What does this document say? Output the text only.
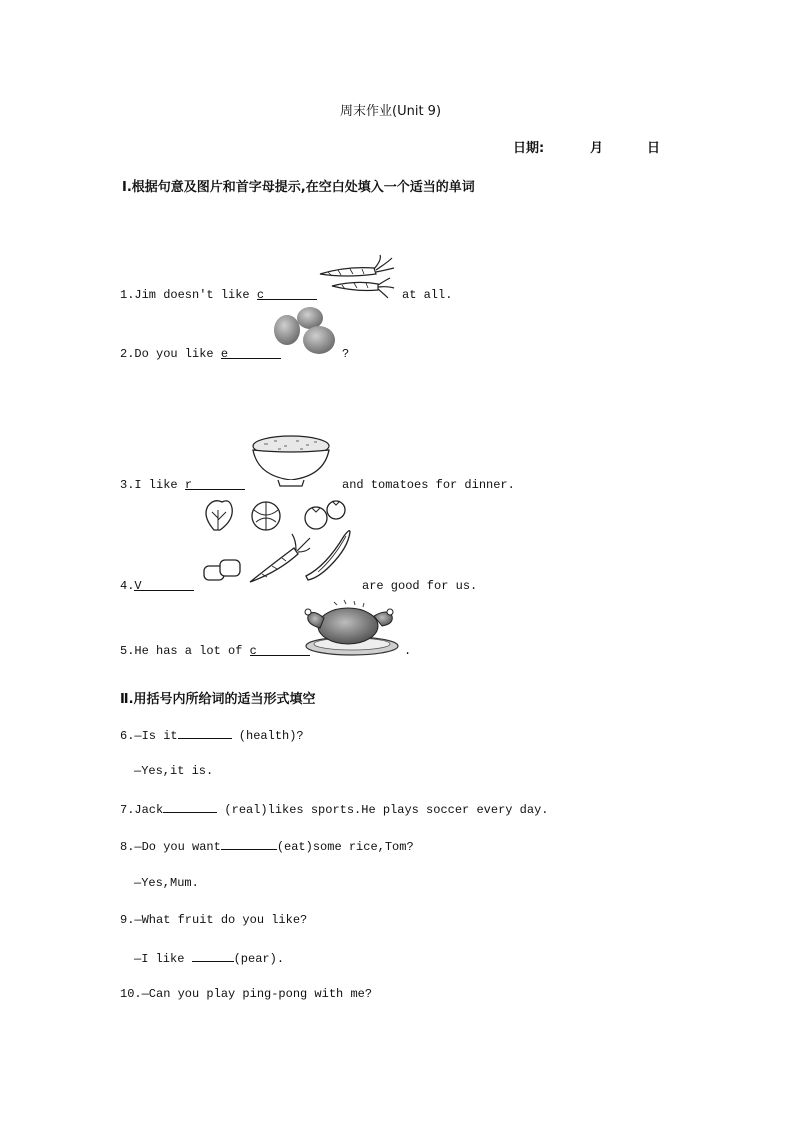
周末作业(Unit 9)
日期:	月	日
Ⅰ.根据句意及图片和首字母提示,在空白处填入一个适当的单词
1.Jim doesn't like c	at all.
2.Do you like e	?
3.I like r	and tomatoes for dinner.
4.V	are good for us.
5.He has a lot of c	.
Ⅱ.用括号内所给词的适当形式填空
6.—Is it	(health)?
—Yes,it is.
7.Jack	(real)likes sports.He plays soccer every day.
8.—Do you want	(eat)some rice,Tom?
—Yes,Mum.
9.—What fruit do you like?
—I like	(pear).
10.—Can you play ping-pong with me?
